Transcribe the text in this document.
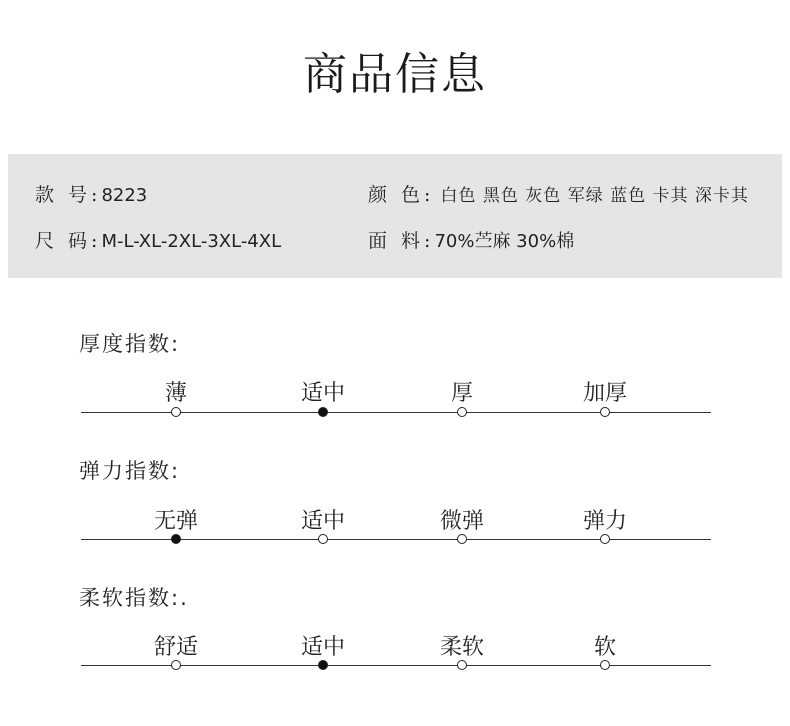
商品信息
款 号:8223	颜 色: 白色 黑色 灰色 军绿 蓝色 卡其 深卡其
尺 码:M-L-XL-2XL-3XL-4XL	面 料:70%苎麻 30%棉
厚度指数:
薄	适中	厚	加厚
弹力指数:
无弹	适中	微弹	弹力
柔软指数:.
舒适	适中	柔软	软
